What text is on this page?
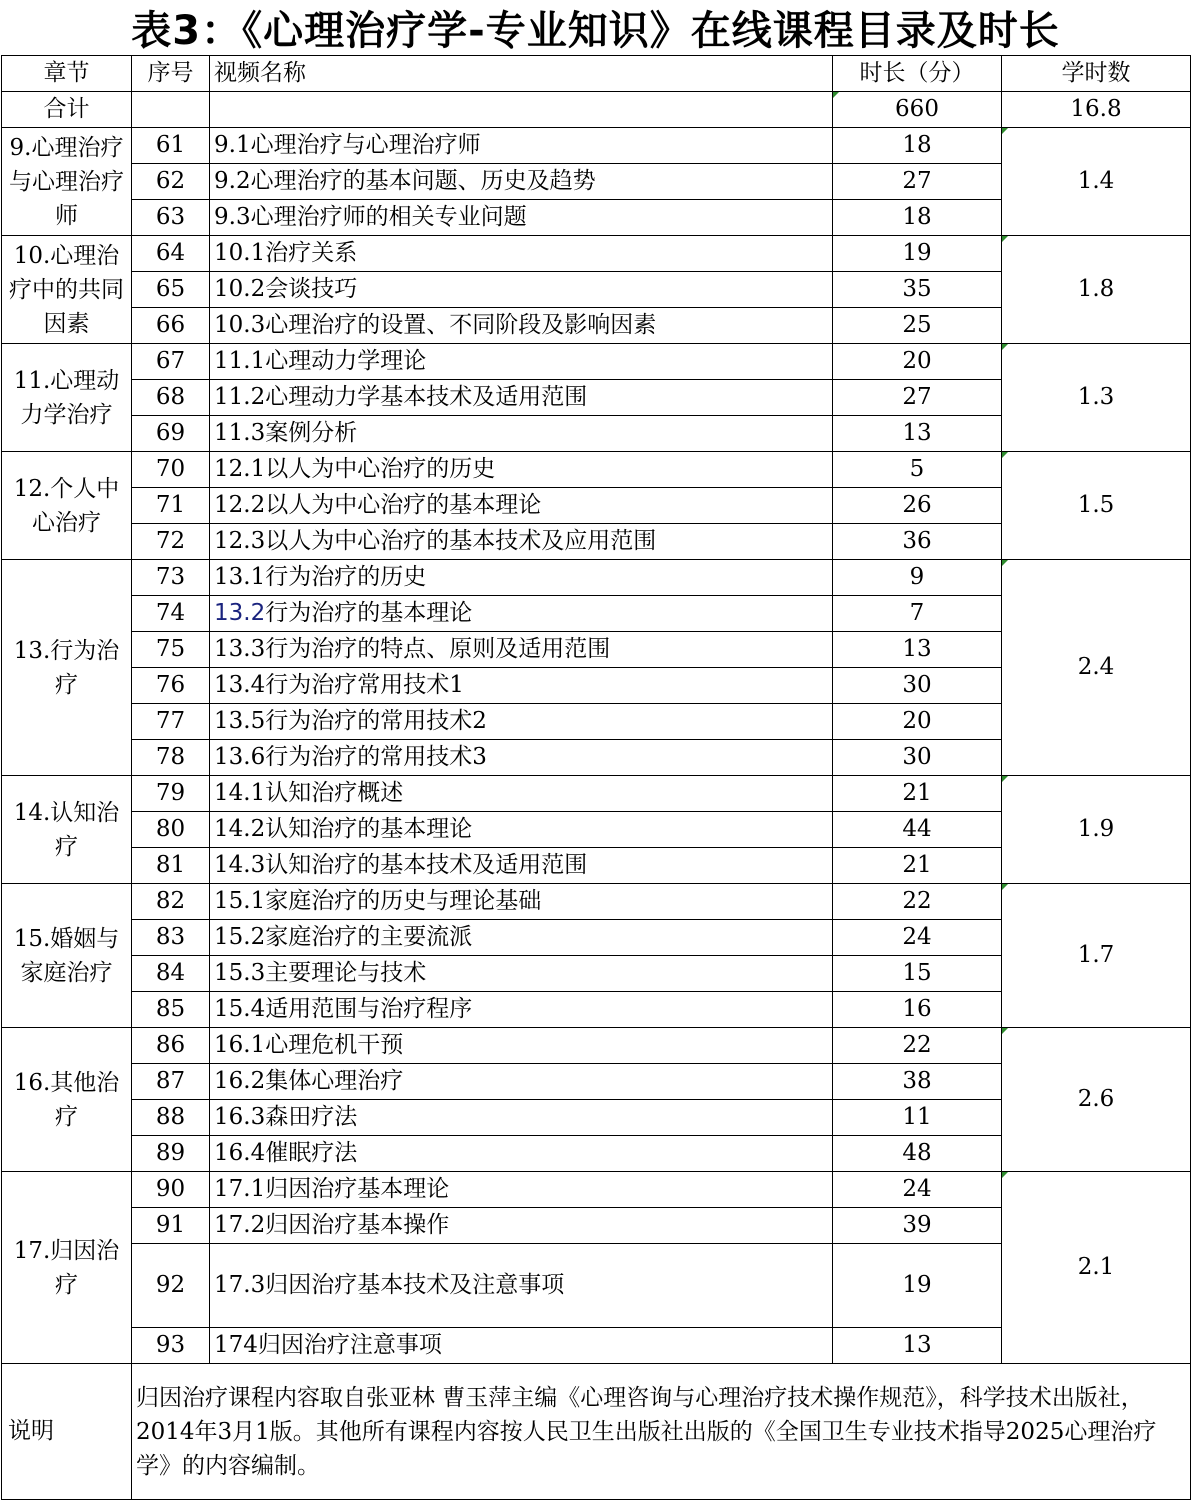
表3：《心理治疗学-专业知识》在线课程目录及时长
章节	序号	视频名称	时长（分）	学时数
合计			660	16.8
9.心理治疗与心理治疗师	61	9.1心理治疗与心理治疗师	18	1.4
	62	9.2心理治疗的基本问题、历史及趋势	27	
	63	9.3心理治疗师的相关专业问题	18	
10.心理治疗中的共同因素	64	10.1治疗关系	19	1.8
	65	10.2会谈技巧	35	
	66	10.3心理治疗的设置、不同阶段及影响因素	25	
11.心理动力学治疗	67	11.1心理动力学理论	20	1.3
	68	11.2心理动力学基本技术及适用范围	27	
	69	11.3案例分析	13	
12.个人中心治疗	70	12.1以人为中心治疗的历史	5	1.5
	71	12.2以人为中心治疗的基本理论	26	
	72	12.3以人为中心治疗的基本技术及应用范围	36	
13.行为治疗	73	13.1行为治疗的历史	9	2.4
	74	13.2行为治疗的基本理论	7	
	75	13.3行为治疗的特点、原则及适用范围	13	
	76	13.4行为治疗常用技术1	30	
	77	13.5行为治疗的常用技术2	20	
	78	13.6行为治疗的常用技术3	30	
14.认知治疗	79	14.1认知治疗概述	21	1.9
	80	14.2认知治疗的基本理论	44	
	81	14.3认知治疗的基本技术及适用范围	21	
15.婚姻与家庭治疗	82	15.1家庭治疗的历史与理论基础	22	1.7
	83	15.2家庭治疗的主要流派	24	
	84	15.3主要理论与技术	15	
	85	15.4适用范围与治疗程序	16	
16.其他治疗	86	16.1心理危机干预	22	2.6
	87	16.2集体心理治疗	38	
	88	16.3森田疗法	11	
	89	16.4催眠疗法	48	
17.归因治疗	90	17.1归因治疗基本理论	24	2.1
	91	17.2归因治疗基本操作	39	
	92	17.3归因治疗基本技术及注意事项	19	
	93	174归因治疗注意事项	13	
说明	归因治疗课程内容取自张亚林 曹玉萍主编《心理咨询与心理治疗技术操作规范》，科学技术出版社，2014年3月1版。其他所有课程内容按人民卫生出版社出版的《全国卫生专业技术指导2025心理治疗学》的内容编制。			
